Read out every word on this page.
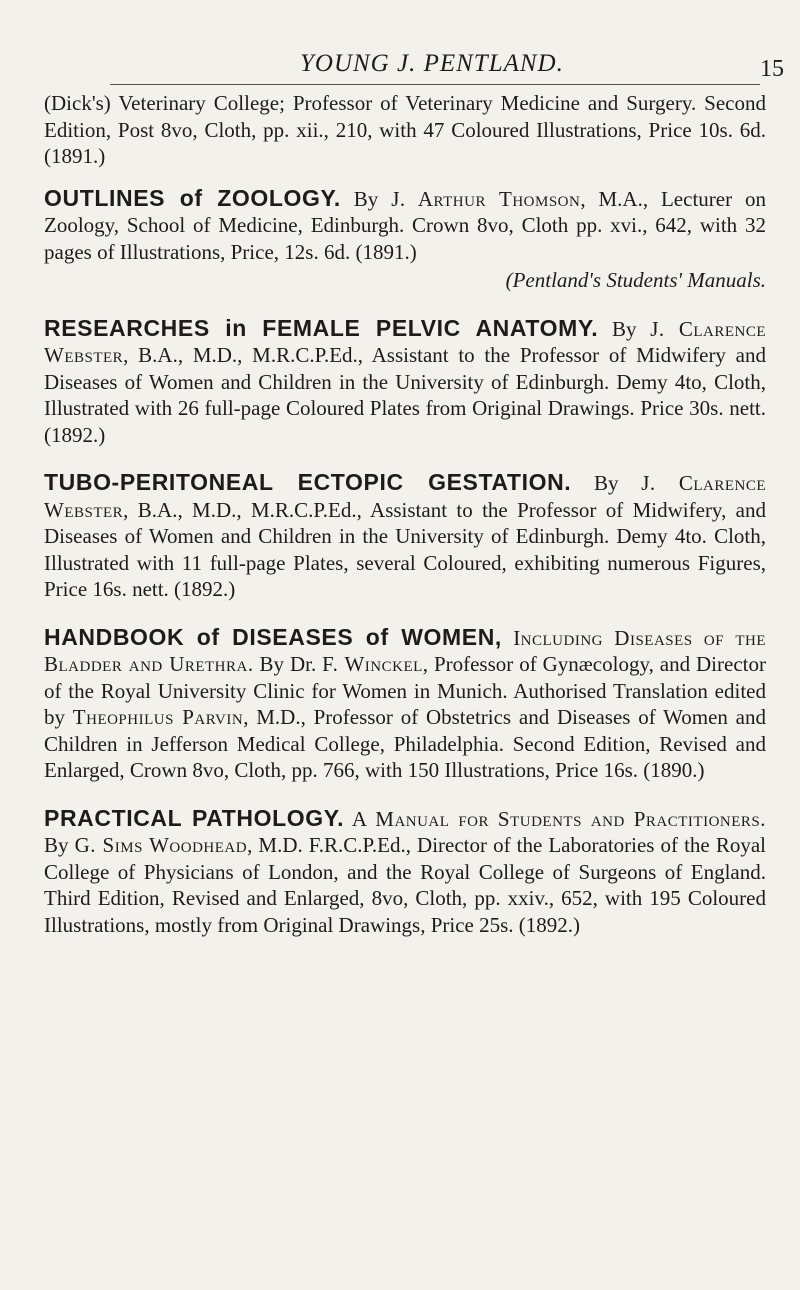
YOUNG J. PENTLAND.	15

(Dick's) Veterinary College; Professor of Veterinary Medicine and Surgery. Second Edition, Post 8vo, Cloth, pp. xii., 210, with 47 Coloured Illustrations, Price 10s. 6d. (1891.)

OUTLINES of ZOOLOGY. By J. Arthur Thomson, M.A., Lecturer on Zoology, School of Medicine, Edinburgh. Crown 8vo, Cloth pp. xvi., 642, with 32 pages of Illustrations, Price, 12s. 6d. (1891.)
(Pentland's Students' Manuals.

RESEARCHES in FEMALE PELVIC ANATOMY. By J. Clarence Webster, B.A., M.D., M.R.C.P.Ed., Assistant to the Professor of Midwifery and Diseases of Women and Children in the University of Edinburgh. Demy 4to, Cloth, Illustrated with 26 full-page Coloured Plates from Original Drawings. Price 30s. nett. (1892.)

TUBO-PERITONEAL ECTOPIC GESTATION. By J. Clarence Webster, B.A., M.D., M.R.C.P.Ed., Assistant to the Professor of Midwifery, and Diseases of Women and Children in the University of Edinburgh. Demy 4to. Cloth, Illustrated with 11 full-page Plates, several Coloured, exhibiting numerous Figures, Price 16s. nett. (1892.)

HANDBOOK of DISEASES of WOMEN, Including Diseases of the Bladder and Urethra. By Dr. F. Winckel, Professor of Gynæcology, and Director of the Royal University Clinic for Women in Munich. Authorised Translation edited by Theophilus Parvin, M.D., Professor of Obstetrics and Diseases of Women and Children in Jefferson Medical College, Philadelphia. Second Edition, Revised and Enlarged, Crown 8vo, Cloth, pp. 766, with 150 Illustrations, Price 16s. (1890.)

PRACTICAL PATHOLOGY. A Manual for Students and Practitioners. By G. Sims Woodhead, M.D. F.R.C.P.Ed., Director of the Laboratories of the Royal College of Physicians of London, and the Royal College of Surgeons of England. Third Edition, Revised and Enlarged, 8vo, Cloth, pp. xxiv., 652, with 195 Coloured Illustrations, mostly from Original Drawings, Price 25s. (1892.)
